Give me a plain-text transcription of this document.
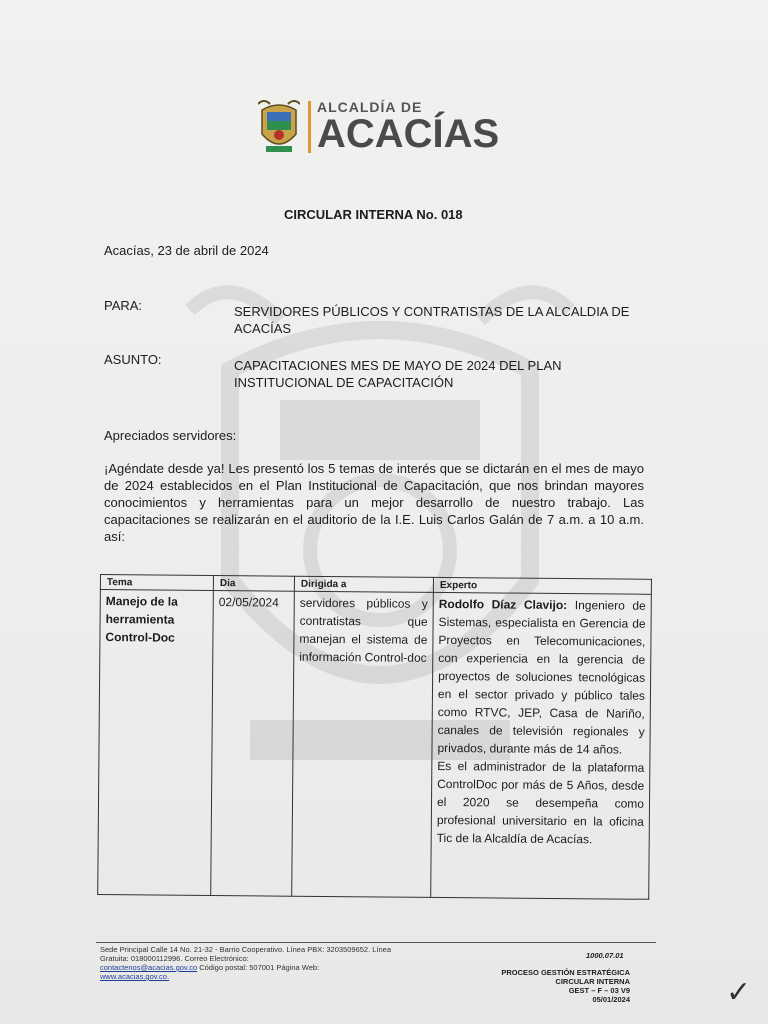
ALCALDÍA DE
ACACÍAS
CIRCULAR INTERNA No. 018
Acacías, 23 de abril de 2024
PARA:	SERVIDORES PÚBLICOS Y CONTRATISTAS DE LA ALCALDIA DE ACACÍAS
ASUNTO:	CAPACITACIONES MES DE MAYO DE 2024 DEL PLAN INSTITUCIONAL DE CAPACITACIÓN
Apreciados servidores:
¡Agéndate desde ya! Les presentó los 5 temas de interés que se dictarán en el mes de mayo de 2024 establecidos en el Plan Institucional de Capacitación, que nos brindan mayores conocimientos y herramientas para un mejor desarrollo de nuestro trabajo. Las capacitaciones se realizarán en el auditorio de la I.E. Luis Carlos Galán de 7 a.m. a 10 a.m. así:
Tema	Dia	Dirigida a	Experto
Manejo de la herramienta Control-Doc	02/05/2024	servidores públicos y contratistas que manejan el sistema de información Control-doc	Rodolfo Díaz Clavijo: Ingeniero de Sistemas, especialista en Gerencia de Proyectos en Telecomunicaciones, con experiencia en la gerencia de proyectos de soluciones tecnológicas en el sector privado y público tales como RTVC, JEP, Casa de Nariño, canales de televisión regionales y privados, durante más de 14 años.
Es el administrador de la plataforma ControlDoc por más de 5 Años, desde el 2020 se desempeña como profesional universitario en la oficina Tic de la Alcaldía de Acacías.
Sede Principal Calle 14 No. 21-32 - Barrio Cooperativo. Línea PBX: 3203509652. Línea Gratuita: 018000112996. Correo Electrónico:
contactenos@acacias.gov.co Código postal: 507001 Página Web:
www.acacias.gov.co.
1000.07.01
PROCESO GESTIÓN ESTRATÉGICA
CIRCULAR INTERNA
GEST – F – 03 V9
05/01/2024	✓
